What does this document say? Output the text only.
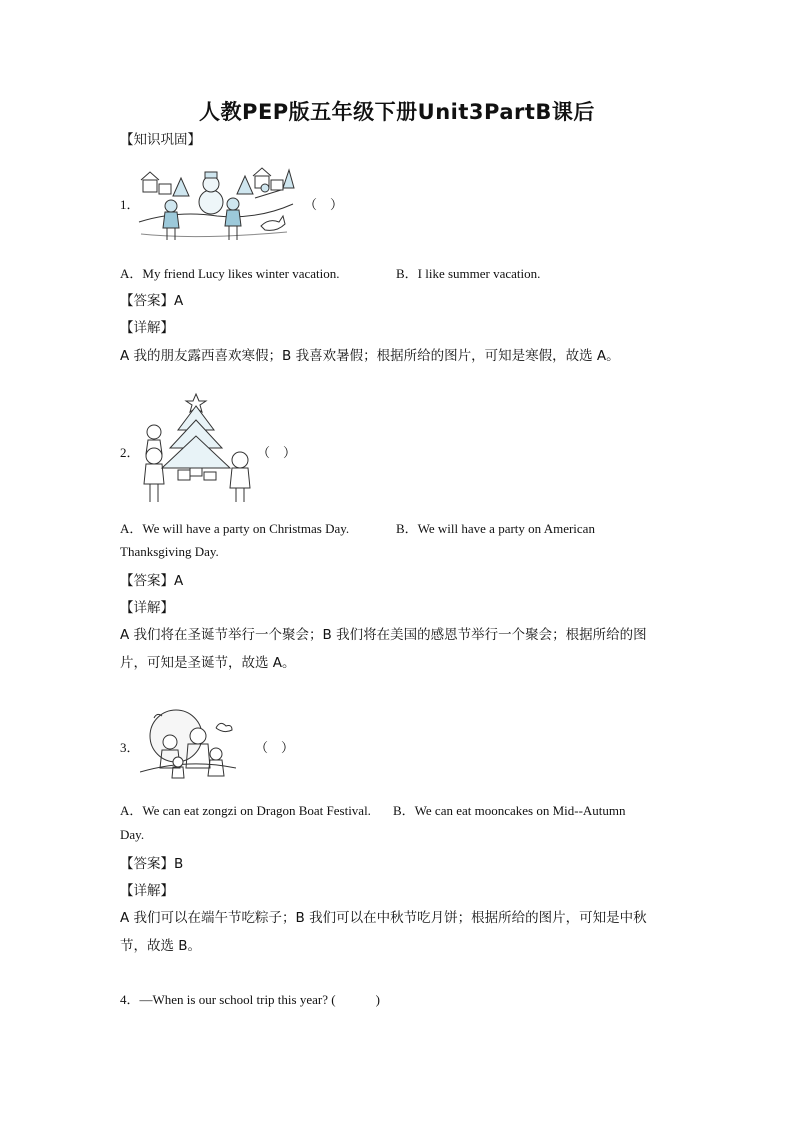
人教PEP版五年级下册Unit3PartB课后
【知识巩固】
1．	（　）
A．My friend Lucy likes winter vacation.	B．I like summer vacation.
【答案】A
【详解】
A 我的朋友露西喜欢寒假；B 我喜欢暑假；根据所给的图片，可知是寒假，故选 A。
2．	（　）
A．We will have a party on Christmas Day.	B．We will have a party on American
Thanksgiving Day.
【答案】A
【详解】
A 我们将在圣诞节举行一个聚会；B 我们将在美国的感恩节举行一个聚会；根据所给的图
片，可知是圣诞节，故选 A。
3．	（　）
A．We can eat zongzi on Dragon Boat Festival. B．We can eat mooncakes on Mid--Autumn
Day.
【答案】B
【详解】
A 我们可以在端午节吃粽子；B 我们可以在中秋节吃月饼；根据所给的图片，可知是中秋
节，故选 B。
4．—When is our school trip this year? (	)
